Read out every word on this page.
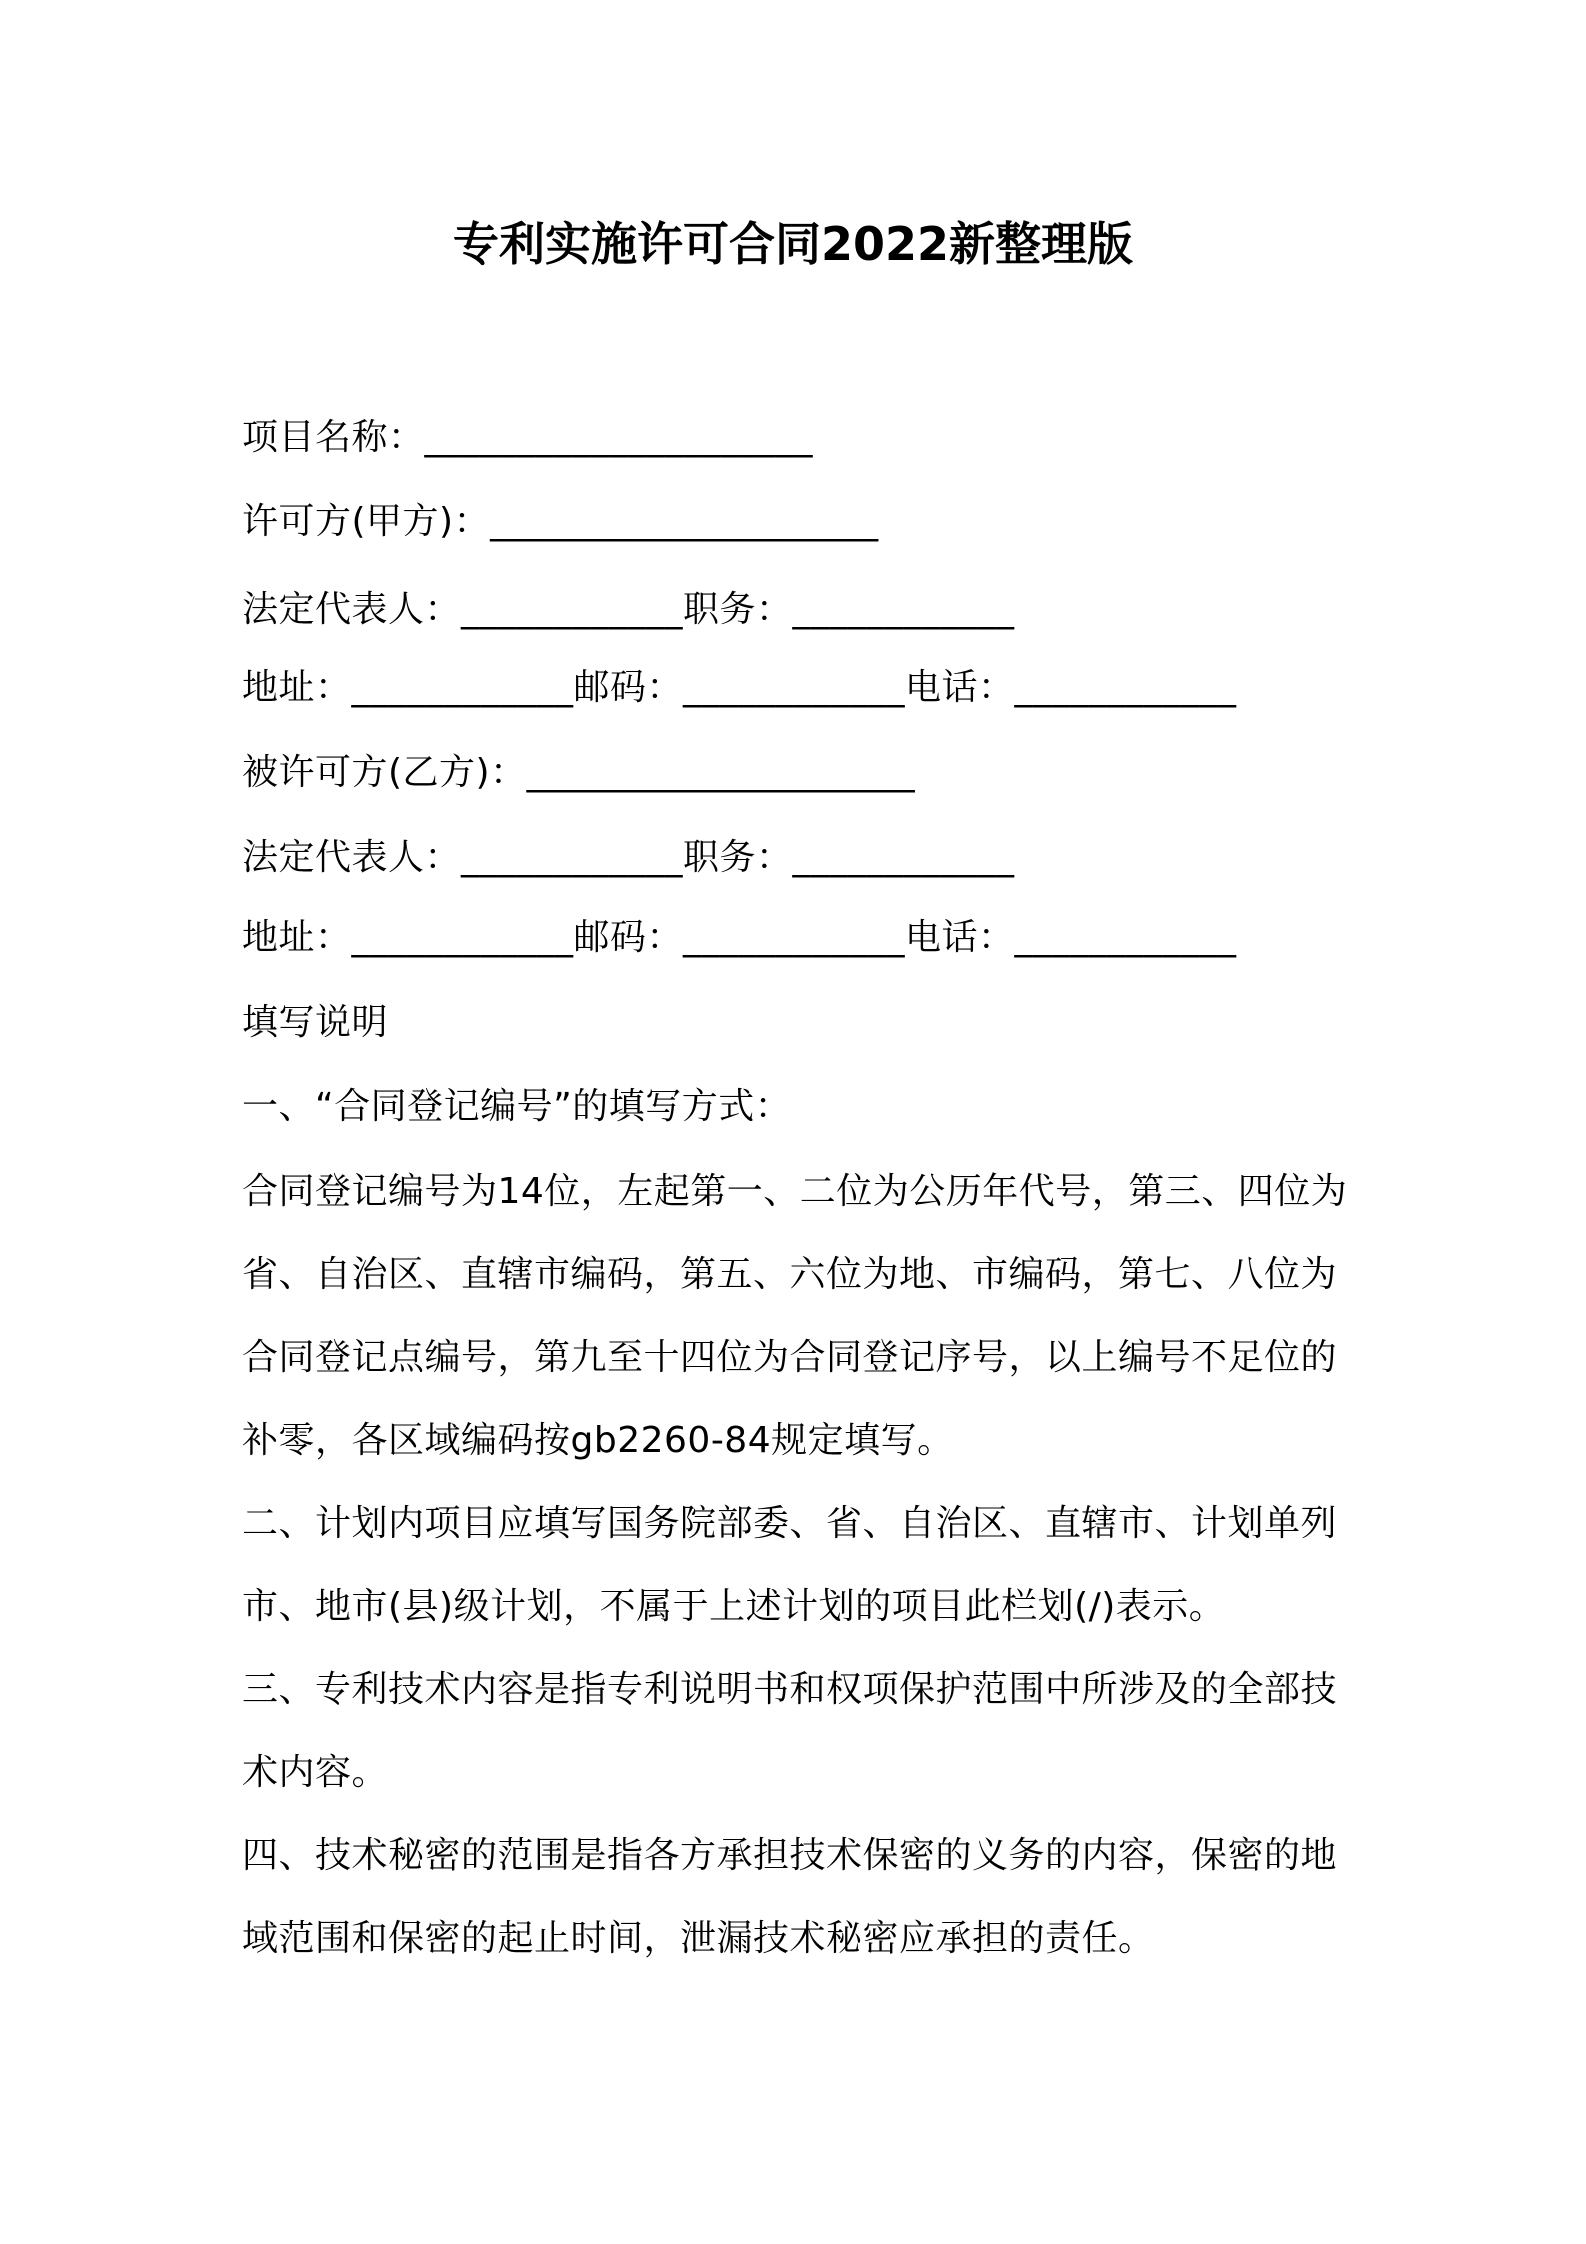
专利实施许可合同2022新整理版
项目名称：_____________________
许可方(甲方)：_____________________
法定代表人：____________职务：____________
地址：____________邮码：____________电话：____________
被许可方(乙方)：_____________________
法定代表人：____________职务：____________
地址：____________邮码：____________电话：____________
填写说明
一、“合同登记编号”的填写方式：
合同登记编号为14位，左起第一、二位为公历年代号，第三、四位为省、自治区、直辖市编码，第五、六位为地、市编码，第七、八位为合同登记点编号，第九至十四位为合同登记序号，以上编号不足位的补零，各区域编码按gb2260-84规定填写。
二、计划内项目应填写国务院部委、省、自治区、直辖市、计划单列市、地市(县)级计划，不属于上述计划的项目此栏划(/)表示。
三、专利技术内容是指专利说明书和权项保护范围中所涉及的全部技术内容。
四、技术秘密的范围是指各方承担技术保密的义务的内容，保密的地域范围和保密的起止时间，泄漏技术秘密应承担的责任。
